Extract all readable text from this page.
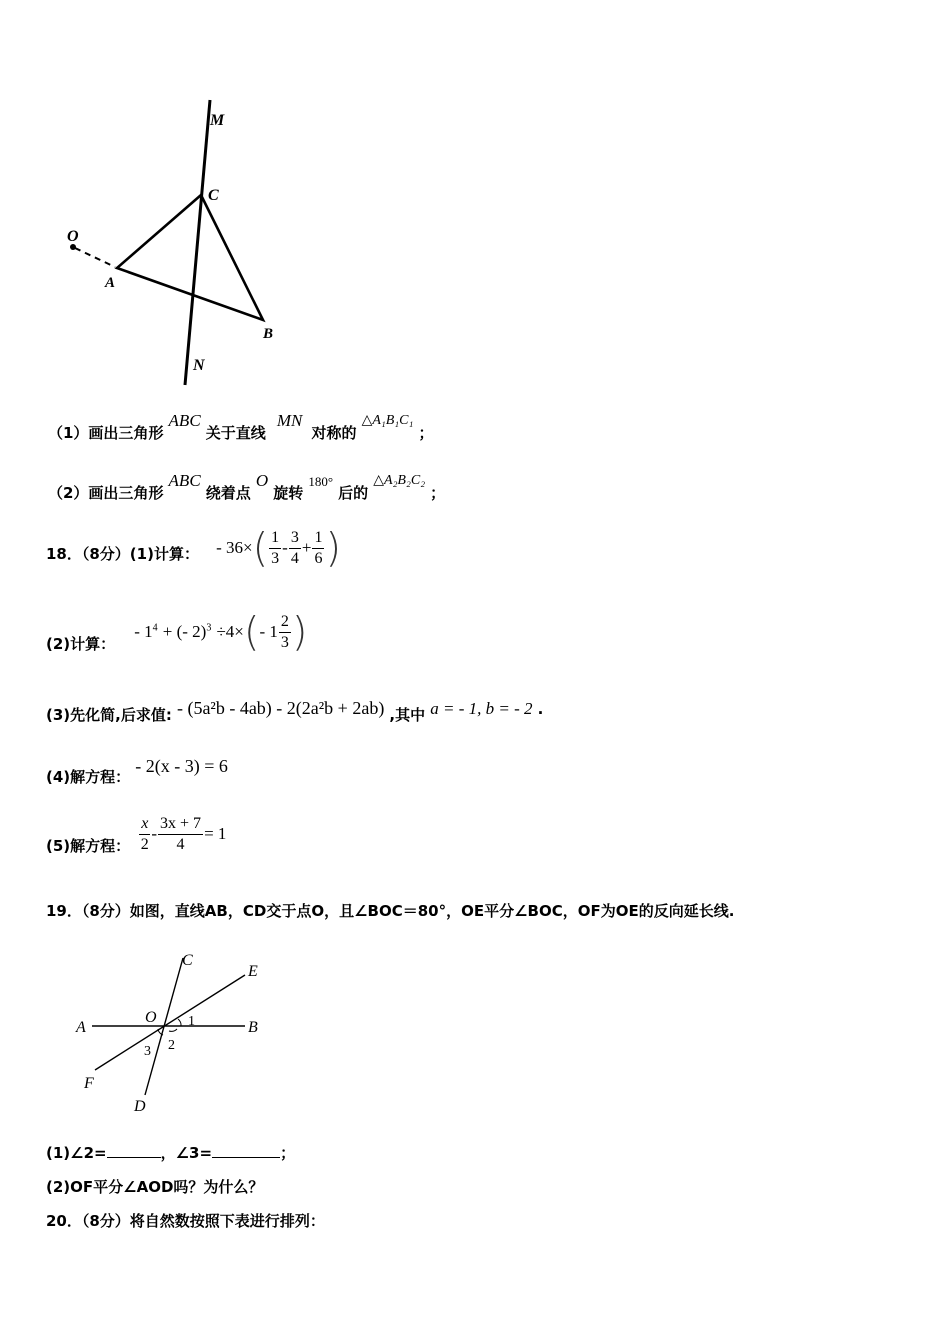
M
C
O
A
B
N
（1）画出三角形 ABC 关于直线 MN 对称的 △A₁B₁C₁ ；
（2）画出三角形 ABC 绕着点 O 旋转 180° 后的 △A₂B₂C₂ ；
18．（8分）(1)计算： - $36\times( \frac{1}{3} - \frac{3}{4} + \frac{1}{6}$ )
(2)计算： - $1^4$ + (- 2)$^3$ ÷4×(- $1 \frac{2}{3}$ )
(3)先化简,后求值: - (5a²b - 4ab) - 2(2a²b + 2ab) ,其中 a = - 1, b = - 2 .
(4)解方程： - 2(x - 3) = 6
(5)解方程： $\frac{x}{2} - \frac{3x + 7}{4} = 1$
19．（8分）如图，直线AB，CD交于点O，且∠BOC＝80°，OE平分∠BOC，OF为OE的反向延长线.
C
E
O
A	B
1
2
3
F
D
(1)∠2=	，∠3=	；
(2)OF平分∠AOD吗？为什么？
20．（8分）将自然数按照下表进行排列：
